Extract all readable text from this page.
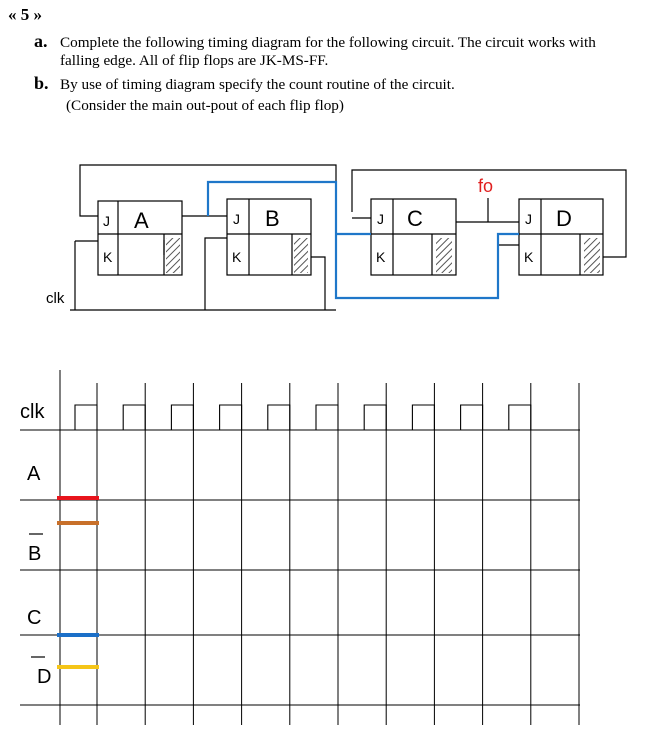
« 5 »
a. Complete the following timing diagram for the following circuit. The circuit works with
falling edge. All of flip flops are JK-MS-FF.
b. By use of timing diagram specify the count routine of the circuit.
(Consider the main out-pout of each flip flop)
J A
K
J B
K
J C
K
J D
K
clk
fo
clk
A
B
C
D
